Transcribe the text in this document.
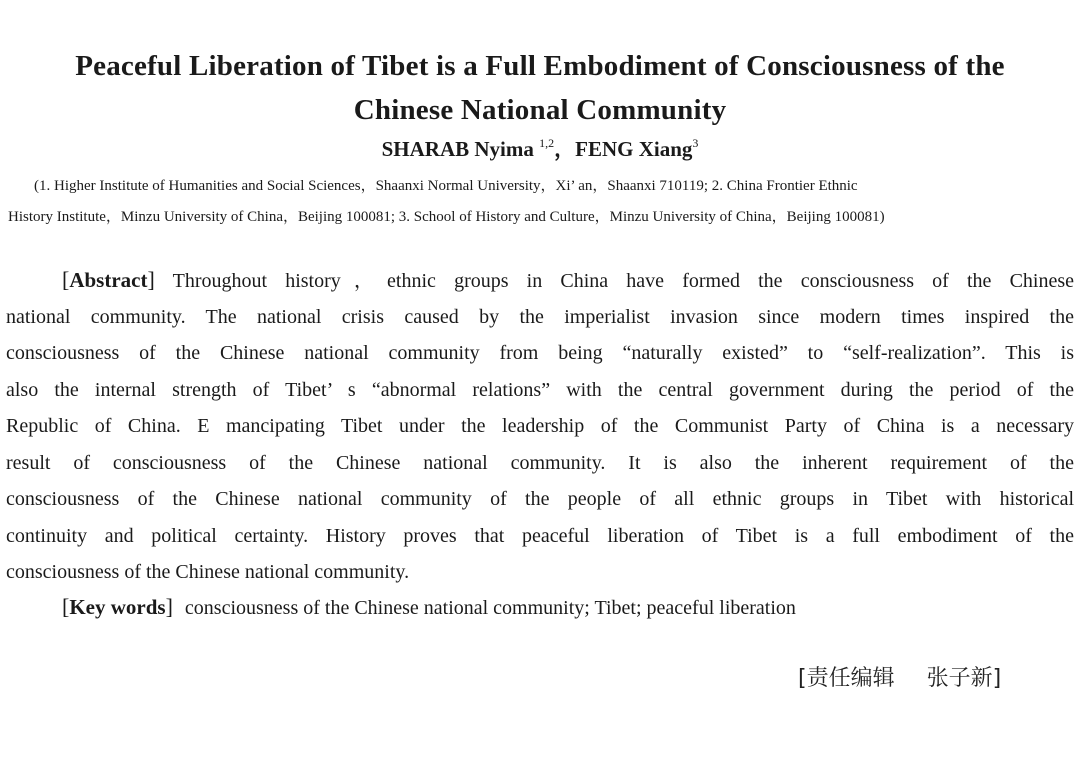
Peaceful Liberation of Tibet is a Full Embodiment of Consciousness of the
Chinese National Community
SHARAB Nyima $^{1,2}$，FENG Xiang$^3$
(1. Higher Institute of Humanities and Social Sciences，Shaanxi Normal University，Xi’ an，Shaanxi 710119; 2. China Frontier Ethnic
History Institute，Minzu University of China，Beijing 100081; 3. School of History and Culture，Minzu University of China，Beijing 100081)
[Abstract] Throughout history，ethnic groups in China have formed the consciousness of the Chinese
national community. The national crisis caused by the imperialist invasion since modern times inspired the
consciousness of the Chinese national community from being “naturally existed” to “self-realization”. This is
also the internal strength of Tibet’ s “abnormal relations” with the central government during the period of the
Republic of China. E mancipating Tibet under the leadership of the Communist Party of China is a necessary
result of consciousness of the Chinese national community. It is also the inherent requirement of the
consciousness of the Chinese national community of the people of all ethnic groups in Tibet with historical
continuity and political certainty. History proves that peaceful liberation of Tibet is a full embodiment of the
consciousness of the Chinese national community.
[Key words] consciousness of the Chinese national community; Tibet; peaceful liberation
[责任编辑 张子新]
